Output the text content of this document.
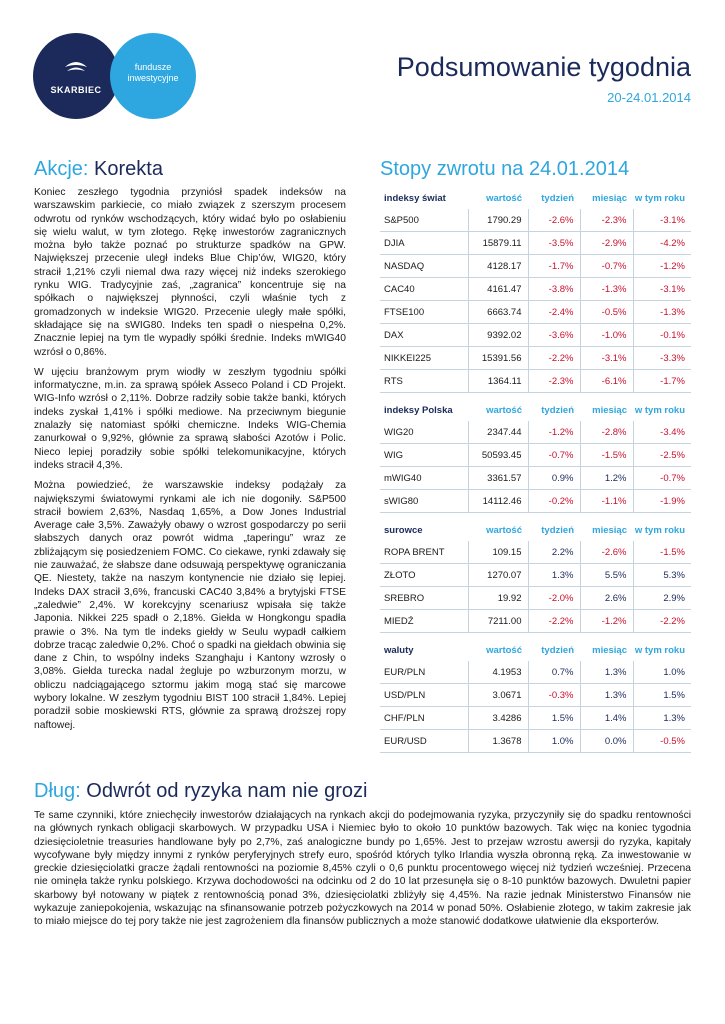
SKARBIEC
fundusze inwestycyjne	Podsumowanie tygodnia
20-24.01.2014
Akcje: Korekta

Koniec zeszłego tygodnia przyniósł spadek indeksów na warszawskim parkiecie, co miało związek z szerszym procesem odwrotu od rynków wschodzących, który widać było po osłabieniu się wielu walut, w tym złotego. Rękę inwestorów zagranicznych można było także poznać po strukturze spadków na GPW. Największej przecenie uległ indeks Blue Chip’ów, WIG20, który stracił 1,21% czyli niemal dwa razy więcej niż indeks szerokiego rynku WIG. Tradycyjnie zaś, „zagranica” koncentruje się na spółkach o największej płynności, czyli właśnie tych z gromadzonych w indeksie WIG20. Przecenie uległy małe spółki, składające się na sWIG80. Indeks ten spadł o niespełna 0,2%. Znacznie lepiej na tym tle wypadły spółki średnie. Indeks mWIG40 wzrósł o 0,86%.

W ujęciu branżowym prym wiodły w zeszłym tygodniu spółki informatyczne, m.in. za sprawą spółek Asseco Poland i CD Projekt. WIG-Info wzrósł o 2,11%. Dobrze radziły sobie także banki, których indeks zyskał 1,41% i spółki mediowe. Na przeciwnym biegunie znalazły się natomiast spółki chemiczne. Indeks WIG-Chemia zanurkował o 9,92%, głównie za sprawą słabości Azotów i Polic. Nieco lepiej poradziły sobie spółki telekomunikacyjne, których indeks stracił 4,3%.

Można powiedzieć, że warszawskie indeksy podążały za największymi światowymi rynkami ale ich nie dogoniły. S&P500 stracił bowiem 2,63%, Nasdaq 1,65%, a Dow Jones Industrial Average całe 3,5%. Zaważyły obawy o wzrost gospodarczy po serii słabszych danych oraz powrót widma „taperingu” wraz ze zbliżającym się posiedzeniem FOMC. Co ciekawe, rynki zdawały się nie zauważać, że słabsze dane odsuwają perspektywę ograniczania QE. Niestety, także na naszym kontynencie nie działo się lepiej. Indeks DAX stracił 3,6%, francuski CAC40 3,84% a brytyjski FTSE „zaledwie” 2,4%. W korekcyjny scenariusz wpisała się także Japonia. Nikkei 225 spadł o 2,18%. Giełda w Hongkongu spadła prawie o 3%. Na tym tle indeks giełdy w Seulu wypadł całkiem dobrze tracąc zaledwie 0,2%. Choć o spadki na giełdach obwinia się dane z Chin, to wspólny indeks Szanghaju i Kantony wzrosły o 3,08%. Giełda turecka nadal żegluje po wzburzonym morzu, w obliczu nadciągającego sztormu jakim mogą stać się marcowe wybory lokalne. W zeszłym tygodniu BIST 100 stracił 1,84%. Lepiej poradził sobie moskiewski RTS, głównie za sprawą droższej ropy naftowej.

Stopy zwrotu na 24.01.2014
indeksy świat	wartość	tydzień	miesiąc	w tym roku
S&P500	1790.29	-2.6%	-2.3%	-3.1%
DJIA	15879.11	-3.5%	-2.9%	-4.2%
NASDAQ	4128.17	-1.7%	-0.7%	-1.2%
CAC40	4161.47	-3.8%	-1.3%	-3.1%
FTSE100	6663.74	-2.4%	-0.5%	-1.3%
DAX	9392.02	-3.6%	-1.0%	-0.1%
NIKKEI225	15391.56	-2.2%	-3.1%	-3.3%
RTS	1364.11	-2.3%	-6.1%	-1.7%
indeksy Polska	wartość	tydzień	miesiąc	w tym roku
WIG20	2347.44	-1.2%	-2.8%	-3.4%
WIG	50593.45	-0.7%	-1.5%	-2.5%
mWIG40	3361.57	0.9%	1.2%	-0.7%
sWIG80	14112.46	-0.2%	-1.1%	-1.9%
surowce	wartość	tydzień	miesiąc	w tym roku
ROPA BRENT	109.15	2.2%	-2.6%	-1.5%
ZŁOTO	1270.07	1.3%	5.5%	5.3%
SREBRO	19.92	-2.0%	2.6%	2.9%
MIEDŹ	7211.00	-2.2%	-1.2%	-2.2%
waluty	wartość	tydzień	miesiąc	w tym roku
EUR/PLN	4.1953	0.7%	1.3%	1.0%
USD/PLN	3.0671	-0.3%	1.3%	1.5%
CHF/PLN	3.4286	1.5%	1.4%	1.3%
EUR/USD	1.3678	1.0%	0.0%	-0.5%
Dług: Odwrót od ryzyka nam nie grozi

Te same czynniki, które zniechęciły inwestorów działających na rynkach akcji do podejmowania ryzyka, przyczyniły się do spadku rentowności na głównych rynkach obligacji skarbowych. W przypadku USA i Niemiec było to około 10 punktów bazowych. Tak więc na koniec tygodnia dziesięcioletnie treasuries handlowane były po 2,7%, zaś analogiczne bundy po 1,65%. Jest to przejaw wzrostu awersji do ryzyka, kapitały wycofywane były między innymi z rynków peryferyjnych strefy euro, spośród których tylko Irlandia wyszła obronną ręką. Za inwestowanie w greckie dziesięciolatki gracze żądali rentowności na poziomie 8,45% czyli o 0,6 punktu procentowego więcej niż tydzień wcześniej. Przecena nie ominęła także rynku polskiego. Krzywa dochodowości na odcinku od 2 do 10 lat przesunęła się o 8-10 punktów bazowych. Dwuletni papier skarbowy był notowany w piątek z rentownością ponad 3%, dziesięciolatki zbliżyły się 4,45%. Na razie jednak Ministerstwo Finansów nie wykazuje zaniepokojenia, wskazując na sfinansowanie potrzeb pożyczkowych na 2014 w ponad 50%. Osłabienie złotego, w takim zakresie jak to miało miejsce do tej pory także nie jest zagrożeniem dla finansów publicznych a może stanowić dodatkowe ułatwienie dla eksporterów.
